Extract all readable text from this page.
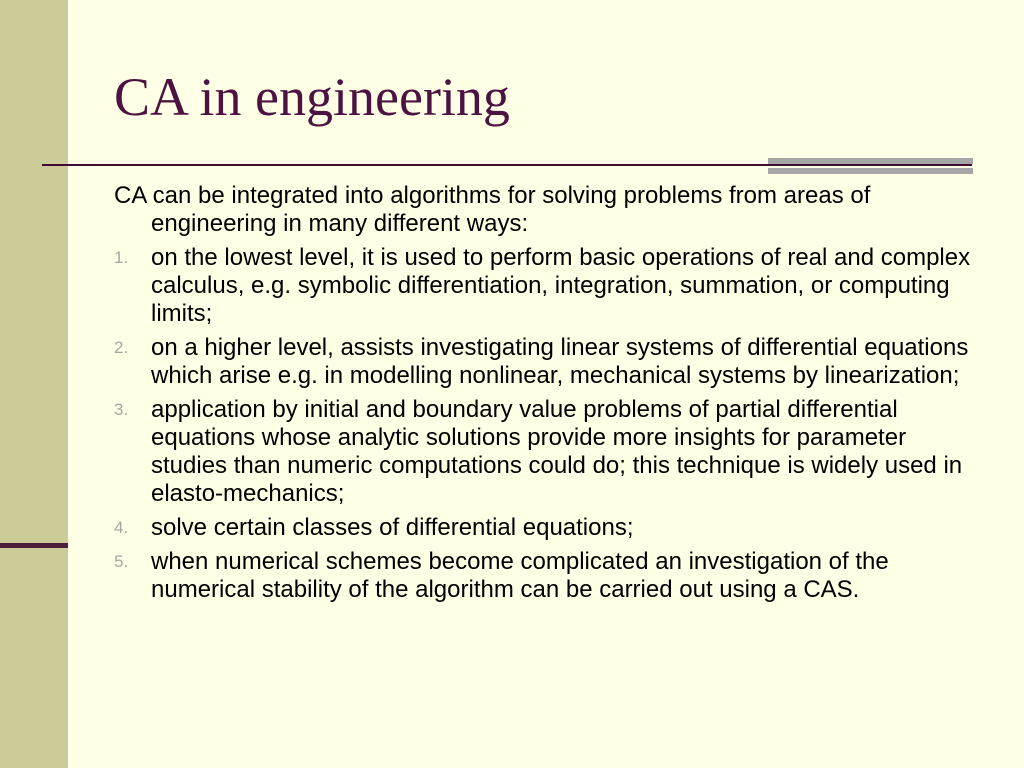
CA in engineering

CA can be integrated into algorithms for solving problems from areas of engineering in many different ways:

1. on the lowest level, it is used to perform basic operations of real and complex calculus, e.g. symbolic differentiation, integration, summation, or computing limits;
2. on a higher level, assists investigating linear systems of differential equations which arise e.g. in modelling nonlinear, mechanical systems by linearization;
3. application by initial and boundary value problems of partial differential equations whose analytic solutions provide more insights for parameter studies than numeric computations could do; this technique is widely used in elasto-mechanics;
4. solve certain classes of differential equations;
5. when numerical schemes become complicated an investigation of the numerical stability of the algorithm can be carried out using a CAS.
